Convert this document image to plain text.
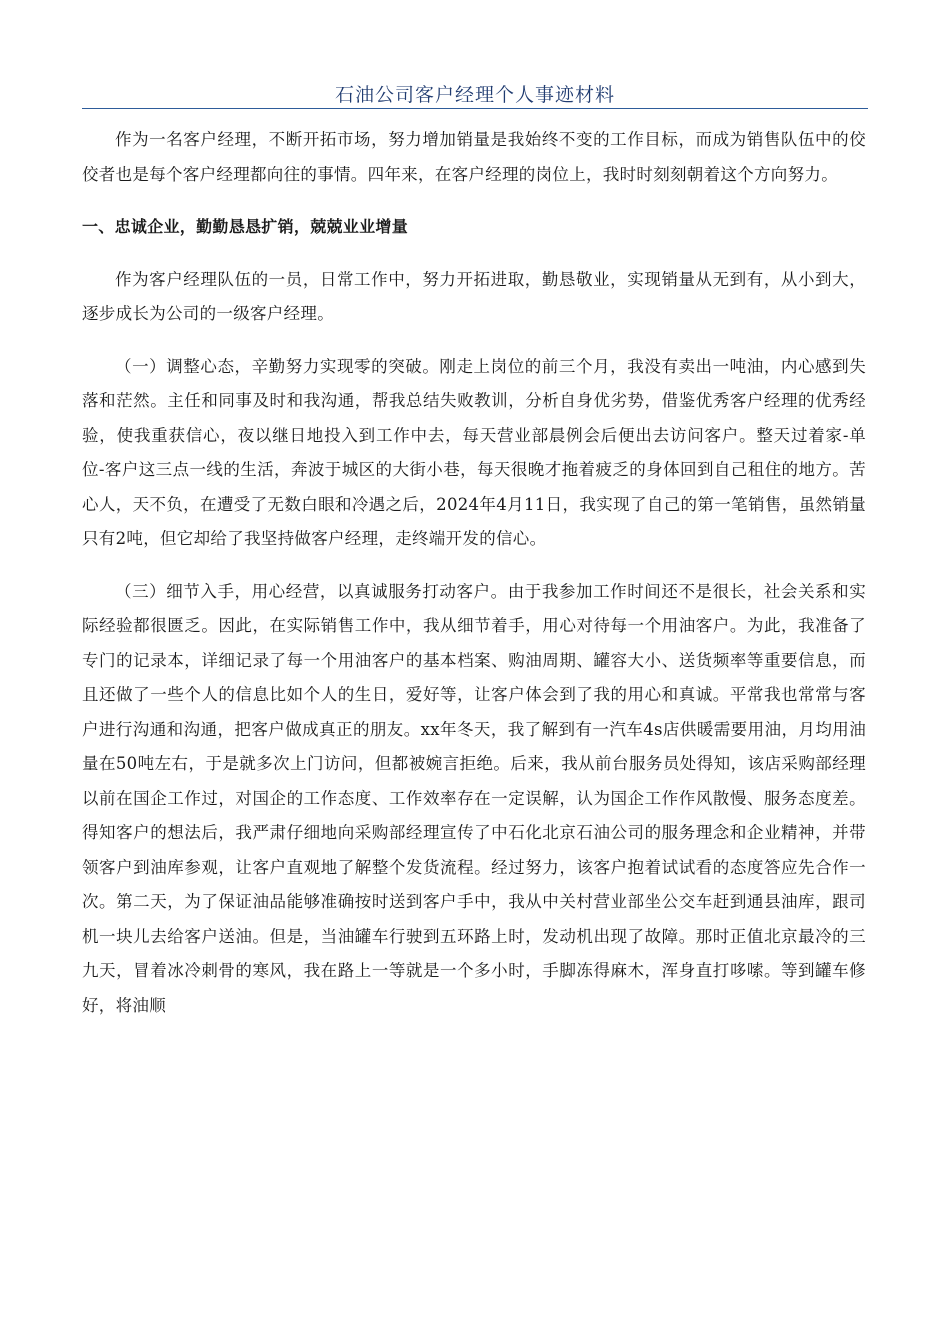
石油公司客户经理个人事迹材料

作为一名客户经理，不断开拓市场，努力增加销量是我始终不变的工作目标，而成为销售队伍中的佼佼者也是每个客户经理都向往的事情。四年来，在客户经理的岗位上，我时时刻刻朝着这个方向努力。

一、忠诚企业，勤勤恳恳扩销，兢兢业业增量

作为客户经理队伍的一员，日常工作中，努力开拓进取，勤恳敬业，实现销量从无到有，从小到大，逐步成长为公司的一级客户经理。

（一）调整心态，辛勤努力实现零的突破。刚走上岗位的前三个月，我没有卖出一吨油，内心感到失落和茫然。主任和同事及时和我沟通，帮我总结失败教训，分析自身优劣势，借鉴优秀客户经理的优秀经验，使我重获信心，夜以继日地投入到工作中去，每天营业部晨例会后便出去访问客户。整天过着家-单位-客户这三点一线的生活，奔波于城区的大街小巷，每天很晚才拖着疲乏的身体回到自己租住的地方。苦心人，天不负，在遭受了无数白眼和冷遇之后，2024年4月11日，我实现了自己的第一笔销售，虽然销量只有2吨，但它却给了我坚持做客户经理，走终端开发的信心。

（三）细节入手，用心经营，以真诚服务打动客户。由于我参加工作时间还不是很长，社会关系和实际经验都很匮乏。因此，在实际销售工作中，我从细节着手，用心对待每一个用油客户。为此，我准备了专门的记录本，详细记录了每一个用油客户的基本档案、购油周期、罐容大小、送货频率等重要信息，而且还做了一些个人的信息比如个人的生日，爱好等，让客户体会到了我的用心和真诚。平常我也常常与客户进行沟通和沟通，把客户做成真正的朋友。xx年冬天，我了解到有一汽车4s店供暖需要用油，月均用油量在50吨左右，于是就多次上门访问，但都被婉言拒绝。后来，我从前台服务员处得知，该店采购部经理以前在国企工作过，对国企的工作态度、工作效率存在一定误解，认为国企工作作风散慢、服务态度差。得知客户的想法后，我严肃仔细地向采购部经理宣传了中石化北京石油公司的服务理念和企业精神，并带领客户到油库参观，让客户直观地了解整个发货流程。经过努力，该客户抱着试试看的态度答应先合作一次。第二天，为了保证油品能够准确按时送到客户手中，我从中关村营业部坐公交车赶到通县油库，跟司机一块儿去给客户送油。但是，当油罐车行驶到五环路上时，发动机出现了故障。那时正值北京最冷的三九天，冒着冰冷刺骨的寒风，我在路上一等就是一个多小时，手脚冻得麻木，浑身直打哆嗦。等到罐车修好，将油顺
